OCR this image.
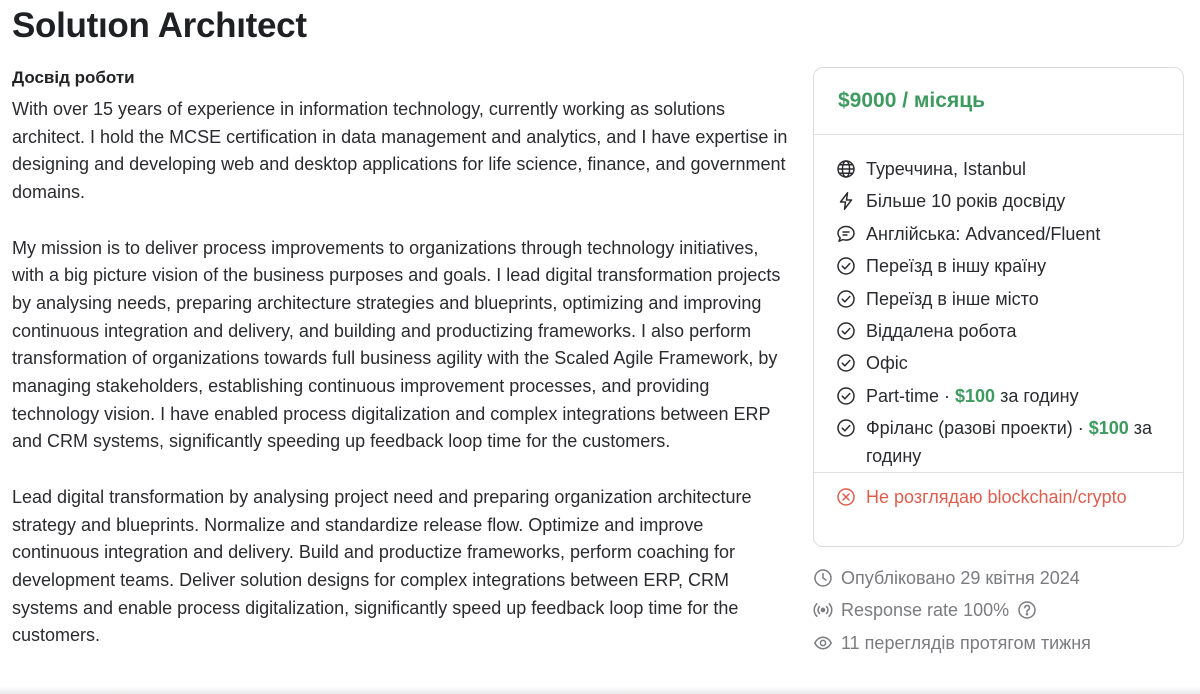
Solutıon Archıtect
Досвід роботи

With over 15 years of experience in information technology, currently working as solutions architect. I hold the MCSE certification in data management and analytics, and I have expertise in designing and developing web and desktop applications for life science, finance, and government domains.

My mission is to deliver process improvements to organizations through technology initiatives, with a big picture vision of the business purposes and goals. I lead digital transformation projects by analysing needs, preparing architecture strategies and blueprints, optimizing and improving continuous integration and delivery, and building and productizing frameworks. I also perform transformation of organizations towards full business agility with the Scaled Agile Framework, by managing stakeholders, establishing continuous improvement processes, and providing technology vision. I have enabled process digitalization and complex integrations between ERP and CRM systems, significantly speeding up feedback loop time for the customers.

Lead digital transformation by analysing project need and preparing organization architecture strategy and blueprints. Normalize and standardize release flow. Optimize and improve continuous integration and delivery. Build and productize frameworks, perform coaching for development teams. Deliver solution designs for complex integrations between ERP, CRM systems and enable process digitalization, significantly speed up feedback loop time for the customers.

$9000 / місяць
Туреччина, Istanbul
Більше 10 років досвіду
Англійська: Advanced/Fluent
Переїзд в іншу країну
Переїзд в інше місто
Віддалена робота
Офіс
Part-time · $100 за годину
Фріланс (разові проекти) · $100 за годину
Не розглядаю blockchain/crypto
Опубліковано 29 квітня 2024
Response rate 100%
11 переглядів протягом тижня
